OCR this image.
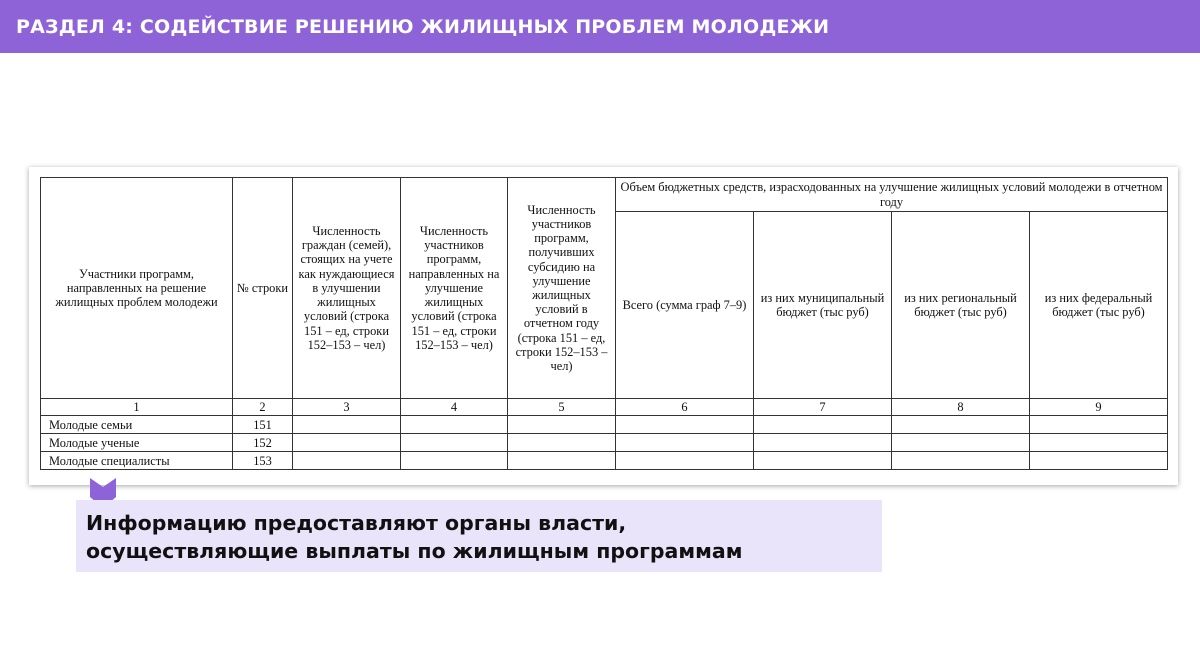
РАЗДЕЛ 4: СОДЕЙСТВИЕ РЕШЕНИЮ ЖИЛИЩНЫХ ПРОБЛЕМ МОЛОДЕЖИ
Участники программ, направленных на решение жилищных проблем молодежи	№ строки	Численность граждан (семей), стоящих на учете как нуждающиеся в улучшении жилищных условий (строка 151 – ед, строки 152–153 – чел)	Численность участников программ, направленных на улучшение жилищных условий (строка 151 – ед, строки 152–153 – чел)	Численность участников программ, получивших субсидию на улучшение жилищных условий в отчетном году (строка 151 – ед, строки 152–153 – чел)	Объем бюджетных средств, израсходованных на улучшение жилищных условий молодежи в отчетном году			
					Всего (сумма граф 7–9)	из них муниципальный бюджет (тыс руб)	из них региональный бюджет (тыс руб)	из них федеральный бюджет (тыс руб)
1	2	3	4	5	6	7	8	9
Молодые семьи	151							
Молодые ученые	152							
Молодые специалисты	153							
Информацию предоставляют органы власти,
осуществляющие выплаты по жилищным программам
